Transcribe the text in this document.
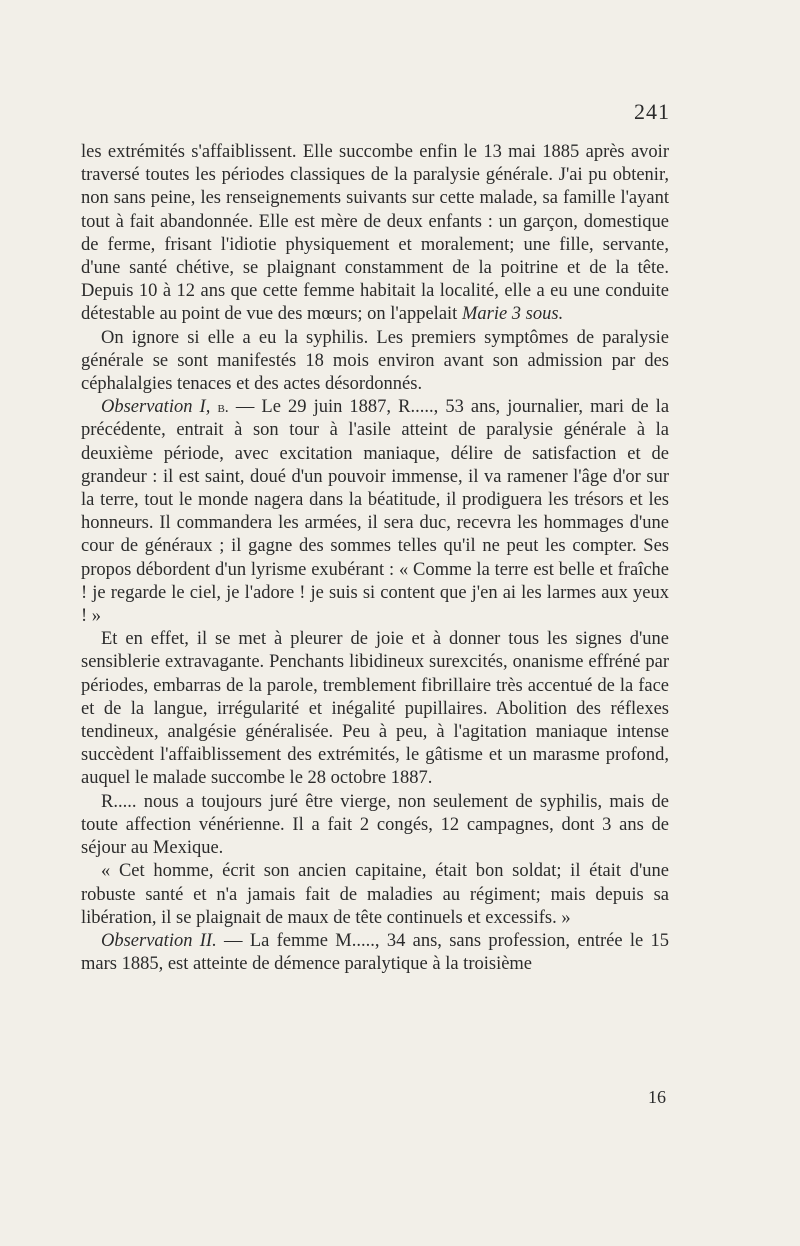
241

les extrémités s'affaiblissent. Elle succombe enfin le 13 mai 1885 après avoir traversé toutes les périodes classiques de la paralysie générale. J'ai pu obtenir, non sans peine, les renseignements suivants sur cette malade, sa famille l'ayant tout à fait abandonnée. Elle est mère de deux enfants : un garçon, domestique de ferme, frisant l'idiotie physiquement et moralement; une fille, servante, d'une santé chétive, se plaignant constamment de la poitrine et de la tête. Depuis 10 à 12 ans que cette femme habitait la localité, elle a eu une conduite détestable au point de vue des mœurs; on l'appelait Marie 3 sous.

On ignore si elle a eu la syphilis. Les premiers symptômes de paralysie générale se sont manifestés 18 mois environ avant son admission par des céphalalgies tenaces et des actes désordonnés.

Observation I, b. — Le 29 juin 1887, R....., 53 ans, journalier, mari de la précédente, entrait à son tour à l'asile atteint de paralysie générale à la deuxième période, avec excitation maniaque, délire de satisfaction et de grandeur : il est saint, doué d'un pouvoir immense, il va ramener l'âge d'or sur la terre, tout le monde nagera dans la béatitude, il prodiguera les trésors et les honneurs. Il commandera les armées, il sera duc, recevra les hommages d'une cour de généraux ; il gagne des sommes telles qu'il ne peut les compter. Ses propos débordent d'un lyrisme exubérant : « Comme la terre est belle et fraîche ! je regarde le ciel, je l'adore ! je suis si content que j'en ai les larmes aux yeux ! »

Et en effet, il se met à pleurer de joie et à donner tous les signes d'une sensiblerie extravagante. Penchants libidineux surexcités, onanisme effréné par périodes, embarras de la parole, tremblement fibrillaire très accentué de la face et de la langue, irrégularité et inégalité pupillaires. Abolition des réflexes tendineux, analgésie généralisée. Peu à peu, à l'agitation maniaque intense succèdent l'affaiblissement des extrémités, le gâtisme et un marasme profond, auquel le malade succombe le 28 octobre 1887.

R..... nous a toujours juré être vierge, non seulement de syphilis, mais de toute affection vénérienne. Il a fait 2 congés, 12 campagnes, dont 3 ans de séjour au Mexique.

« Cet homme, écrit son ancien capitaine, était bon soldat; il était d'une robuste santé et n'a jamais fait de maladies au régiment; mais depuis sa libération, il se plaignait de maux de tête continuels et excessifs. »

Observation II. — La femme M....., 34 ans, sans profession, entrée le 15 mars 1885, est atteinte de démence paralytique à la troisième

16
